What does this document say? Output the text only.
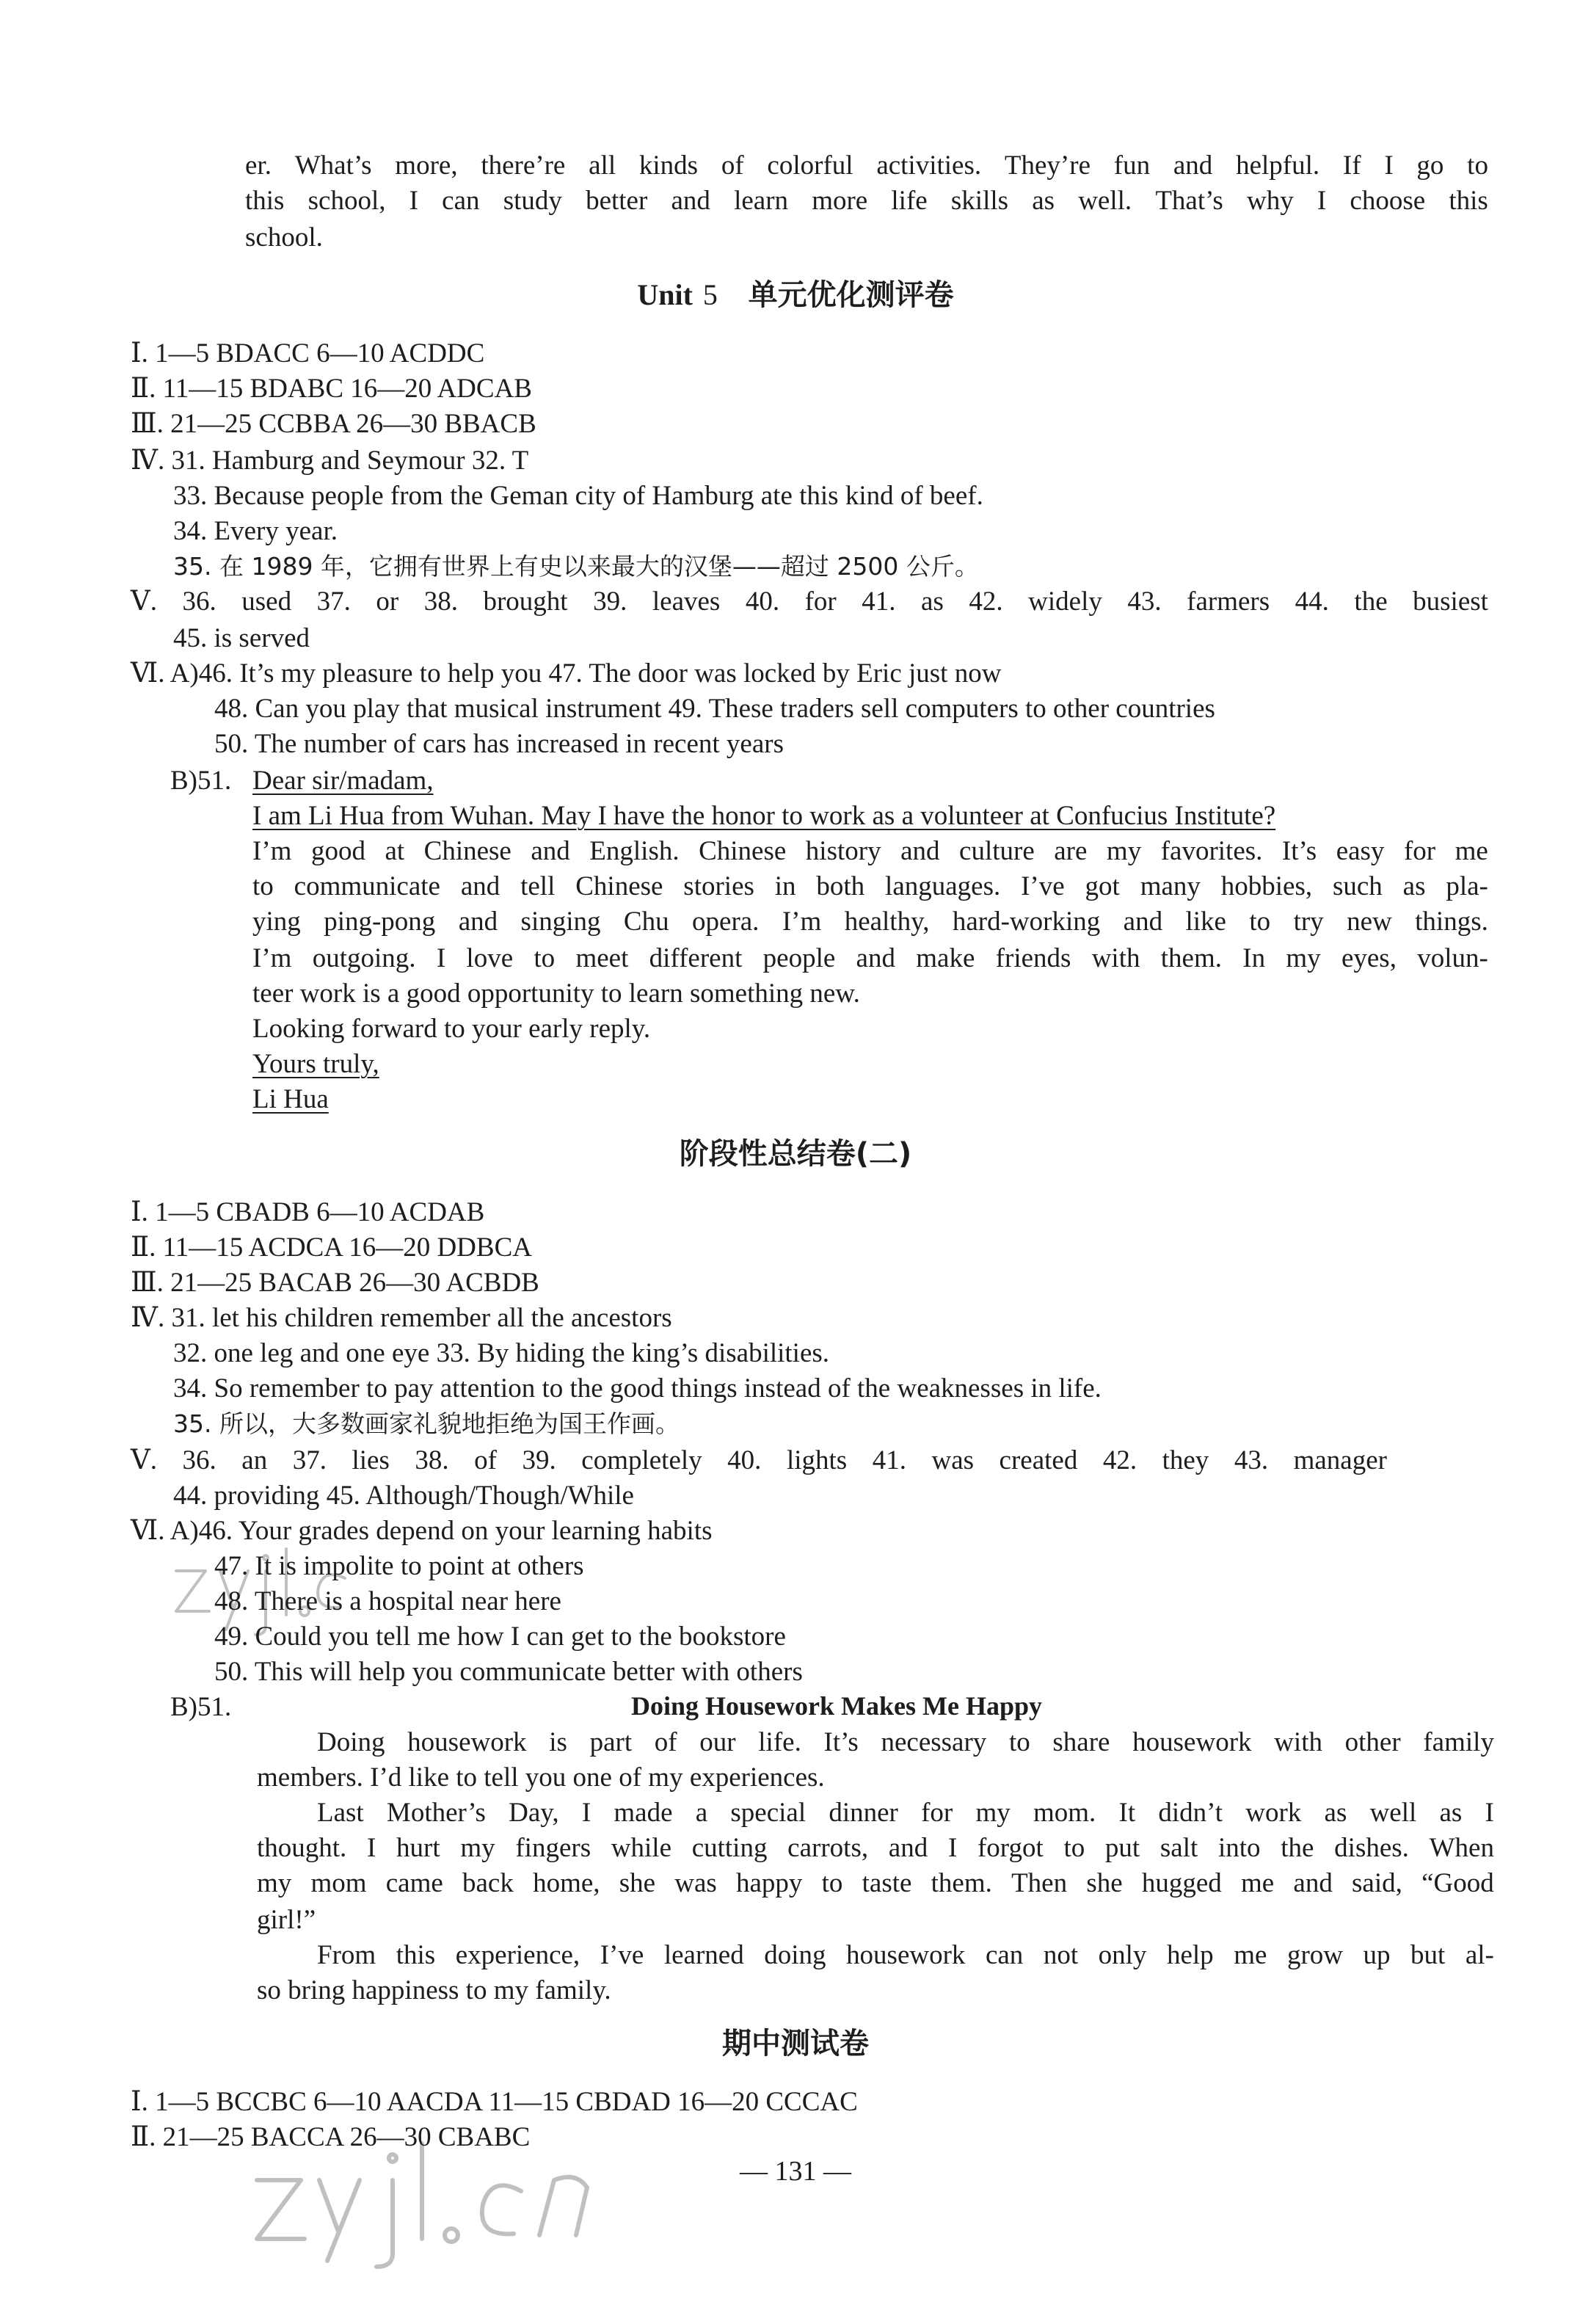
er. What’s more, there’re all kinds of colorful activities. They’re fun and helpful. If I go to
this school, I can study better and learn more life skills as well. That’s why I choose this
school.
Unit 5 单元优化测评卷
Ⅰ. 1—5 BDACC 6—10 ACDDC
Ⅱ. 11—15 BDABC 16—20 ADCAB
Ⅲ. 21—25 CCBBA 26—30 BBACB
Ⅳ. 31. Hamburg and Seymour 32. T
33. Because people from the Geman city of Hamburg ate this kind of beef.
34. Every year.
35. 在 1989 年，它拥有世界上有史以来最大的汉堡——超过 2500 公斤。
Ⅴ. 36. used 37. or 38. brought 39. leaves 40. for 41. as 42. widely 43. farmers 44. the busiest
45. is served
Ⅵ. A)46. It’s my pleasure to help you 47. The door was locked by Eric just now
48. Can you play that musical instrument 49. These traders sell computers to other countries
50. The number of cars has increased in recent years
B)51. Dear sir/madam,
I am Li Hua from Wuhan. May I have the honor to work as a volunteer at Confucius Institute?
I’m good at Chinese and English. Chinese history and culture are my favorites. It’s easy for me
to communicate and tell Chinese stories in both languages. I’ve got many hobbies, such as pla-
ying ping-pong and singing Chu opera. I’m healthy, hard-working and like to try new things.
I’m outgoing. I love to meet different people and make friends with them. In my eyes, volun-
teer work is a good opportunity to learn something new.
Looking forward to your early reply.
Yours truly,
Li Hua
阶段性总结卷(二)
Ⅰ. 1—5 CBADB 6—10 ACDAB
Ⅱ. 11—15 ACDCA 16—20 DDBCA
Ⅲ. 21—25 BACAB 26—30 ACBDB
Ⅳ. 31. let his children remember all the ancestors
32. one leg and one eye 33. By hiding the king’s disabilities.
34. So remember to pay attention to the good things instead of the weaknesses in life.
35. 所以，大多数画家礼貌地拒绝为国王作画。
Ⅴ. 36. an 37. lies 38. of 39. completely 40. lights 41. was created 42. they 43. manager
44. providing 45. Although/Though/While
Ⅵ. A)46. Your grades depend on your learning habits
47. It is impolite to point at others
48. There is a hospital near here
49. Could you tell me how I can get to the bookstore
50. This will help you communicate better with others
B)51.	Doing Housework Makes Me Happy
Doing housework is part of our life. It’s necessary to share housework with other family
members. I’d like to tell you one of my experiences.
Last Mother’s Day, I made a special dinner for my mom. It didn’t work as well as I
thought. I hurt my fingers while cutting carrots, and I forgot to put salt into the dishes. When
my mom came back home, she was happy to taste them. Then she hugged me and said, “Good
girl!”
From this experience, I’ve learned doing housework can not only help me grow up but al-
so bring happiness to my family.
期中测试卷
Ⅰ. 1—5 BCCBC 6—10 AACDA 11—15 CBDAD 16—20 CCCAC
Ⅱ. 21—25 BACCA 26—30 CBABC
— 131 —
